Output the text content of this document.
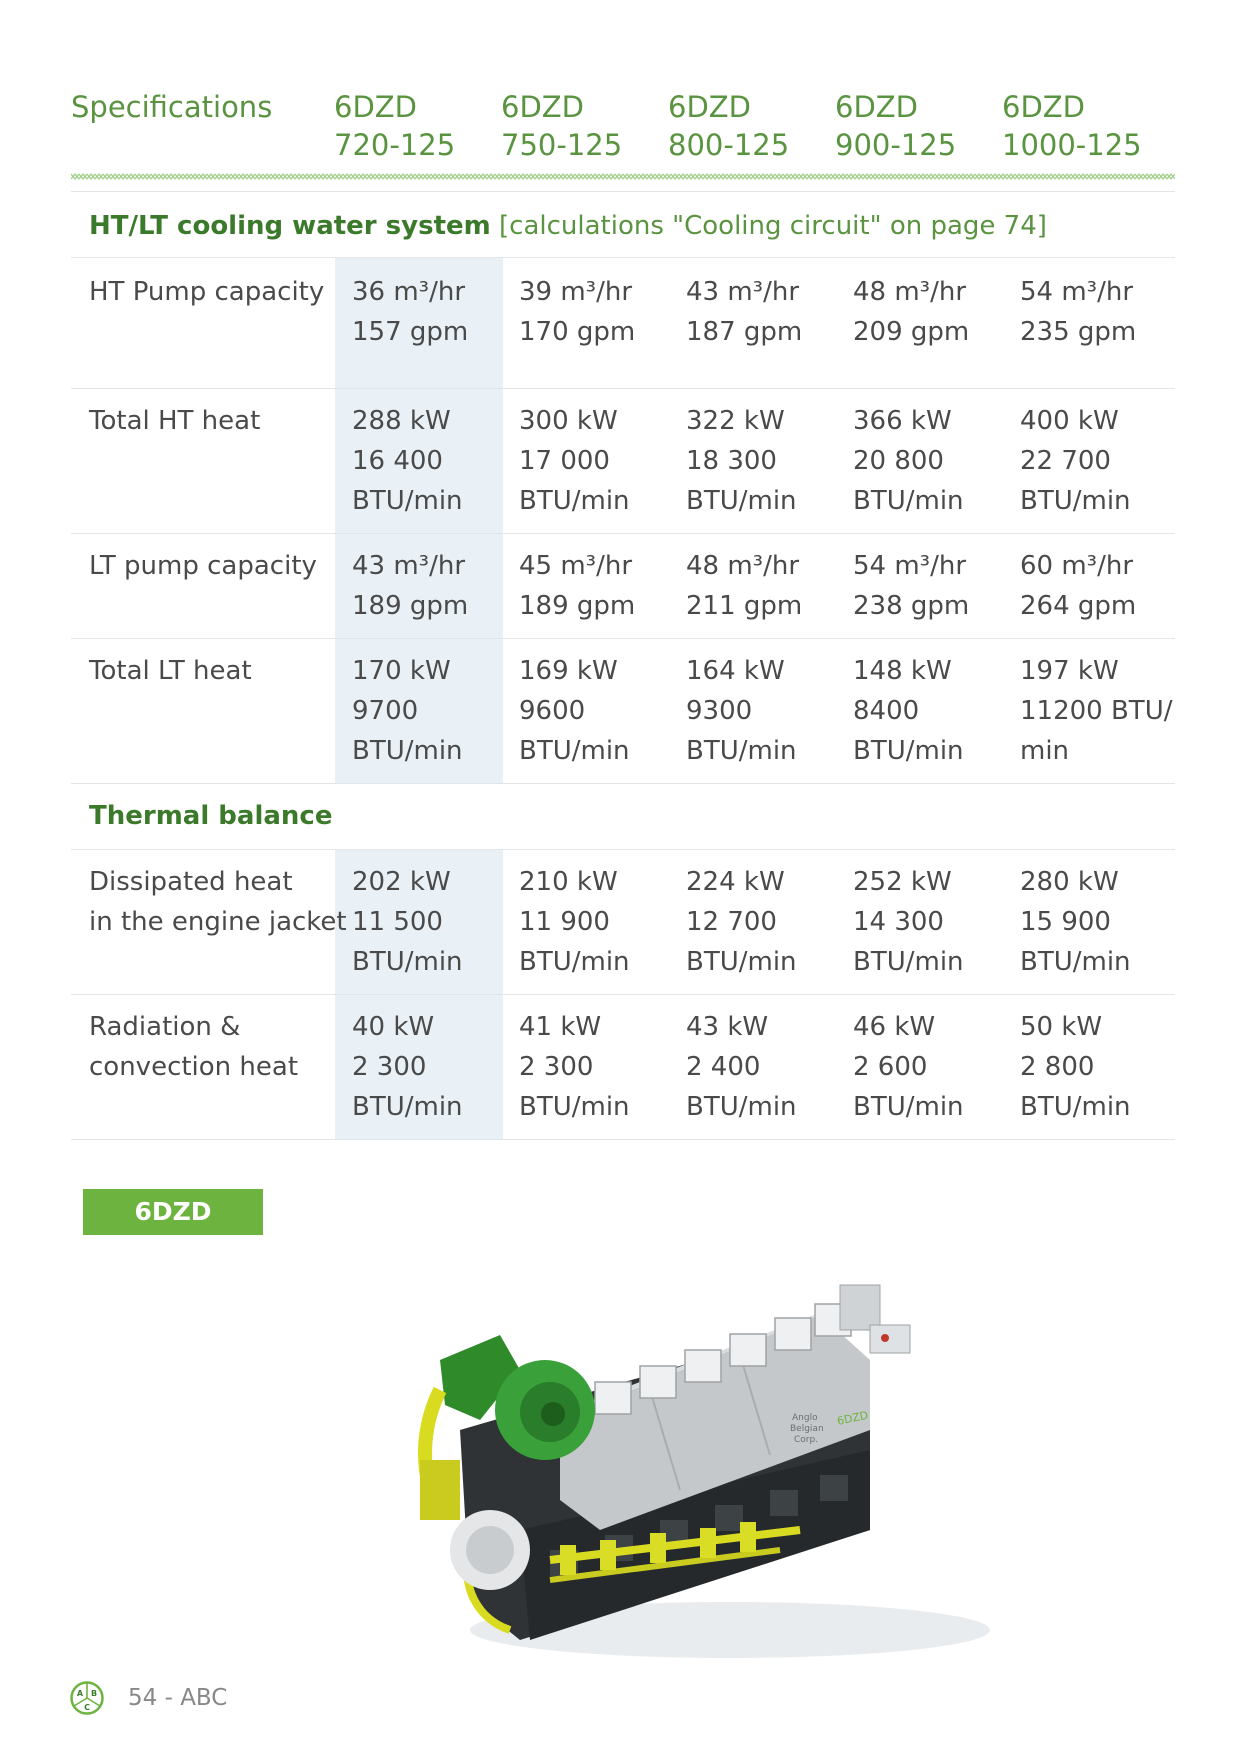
Specifications 6DZD
720-125
6DZD
750-125
6DZD
800-125
6DZD
900-125
6DZD
1000-125
HT/LT cooling water system [calculations "Cooling circuit" on page 74]
HT Pump capacity 36 m³/hr
157 gpm
39 m³/hr
170 gpm
43 m³/hr
187 gpm
48 m³/hr
209 gpm
54 m³/hr
235 gpm
Total HT heat	288 kW
16 400
BTU/min
300 kW
17 000
BTU/min
322 kW
18 300
BTU/min
366 kW
20 800
BTU/min
400 kW
22 700
BTU/min
LT pump capacity 43 m³/hr
189 gpm
45 m³/hr
189 gpm
48 m³/hr
211 gpm
54 m³/hr
238 gpm
60 m³/hr
264 gpm
Total LT heat	170 kW
9700
BTU/min
169 kW
9600
BTU/min
164 kW
9300
BTU/min
148 kW
8400
BTU/min
197 kW
11200 BTU/
min
Thermal balance
Dissipated heat
in the engine jacket
202 kW
11 500
BTU/min
210 kW
11 900
BTU/min
224 kW
12 700
BTU/min
252 kW
14 300
BTU/min
280 kW
15 900
BTU/min
Radiation &
convection heat
40 kW
2 300
BTU/min
41 kW
2 300
BTU/min
43 kW
2 400
BTU/min
46 kW
2 600
BTU/min
50 kW
2 800
BTU/min
6DZD engine
Anglo
Belgian
Corp.
6DZD
A B
C 54 - ABC
